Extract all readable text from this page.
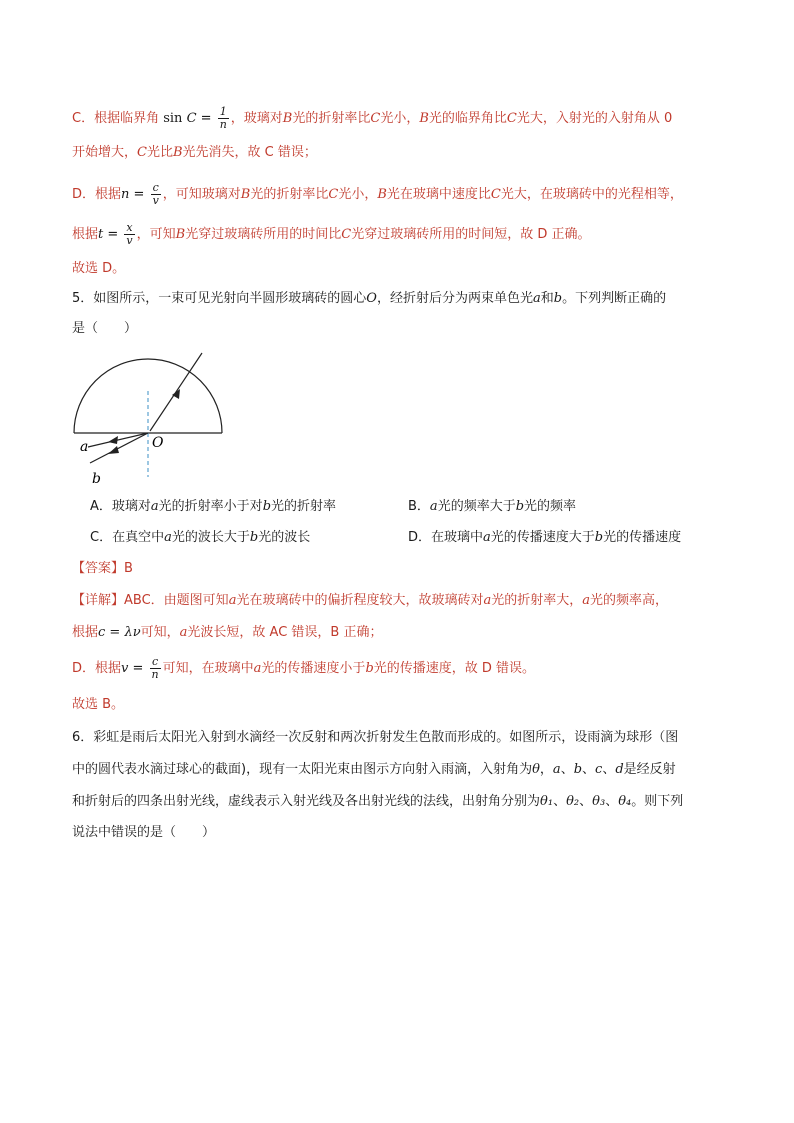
C．根据临界角 $\sin C = \frac{1}{n}$ ，玻璃对B光的折射率比C光小，B光的临界角比C光大，入射光的入射角从 0
开始增大，C光比B光先消失，故 C 错误；
D．根据$n = \frac{c}{v}$ ，可知玻璃对B光的折射率比C光小，B光在玻璃中速度比C光大，在玻璃砖中的光程相等，
根据$t = \frac{x}{v}$ ，可知B光穿过玻璃砖所用的时间比C光穿过玻璃砖所用的时间短，故 D 正确。
故选 D。
5．如图所示，一束可见光射向半圆形玻璃砖的圆心O，经折射后分为两束单色光a和b。下列判断正确的
是（　　）
O
a
b
A．玻璃对a光的折射率小于对b光的折射率	B．a光的频率大于b光的频率
C．在真空中a光的波长大于b光的波长	D．在玻璃中a光的传播速度大于b光的传播速度
【答案】B
【详解】ABC．由题图可知a光在玻璃砖中的偏折程度较大，故玻璃砖对a光的折射率大，a光的频率高，
根据c = λν可知，a光波长短，故 AC 错误，B 正确；
D．根据$v = \frac{c}{n}$ 可知，在玻璃中a光的传播速度小于b光的传播速度，故 D 错误。
故选 B。
6．彩虹是雨后太阳光入射到水滴经一次反射和两次折射发生色散而形成的。如图所示，设雨滴为球形（图
中的圆代表水滴过球心的截面)，现有一太阳光束由图示方向射入雨滴，入射角为θ，a、b、c、d是经反射
和折射后的四条出射光线，虚线表示入射光线及各出射光线的法线，出射角分别为θ₁、θ₂、θ₃、θ₄。则下列
说法中错误的是（　　）
